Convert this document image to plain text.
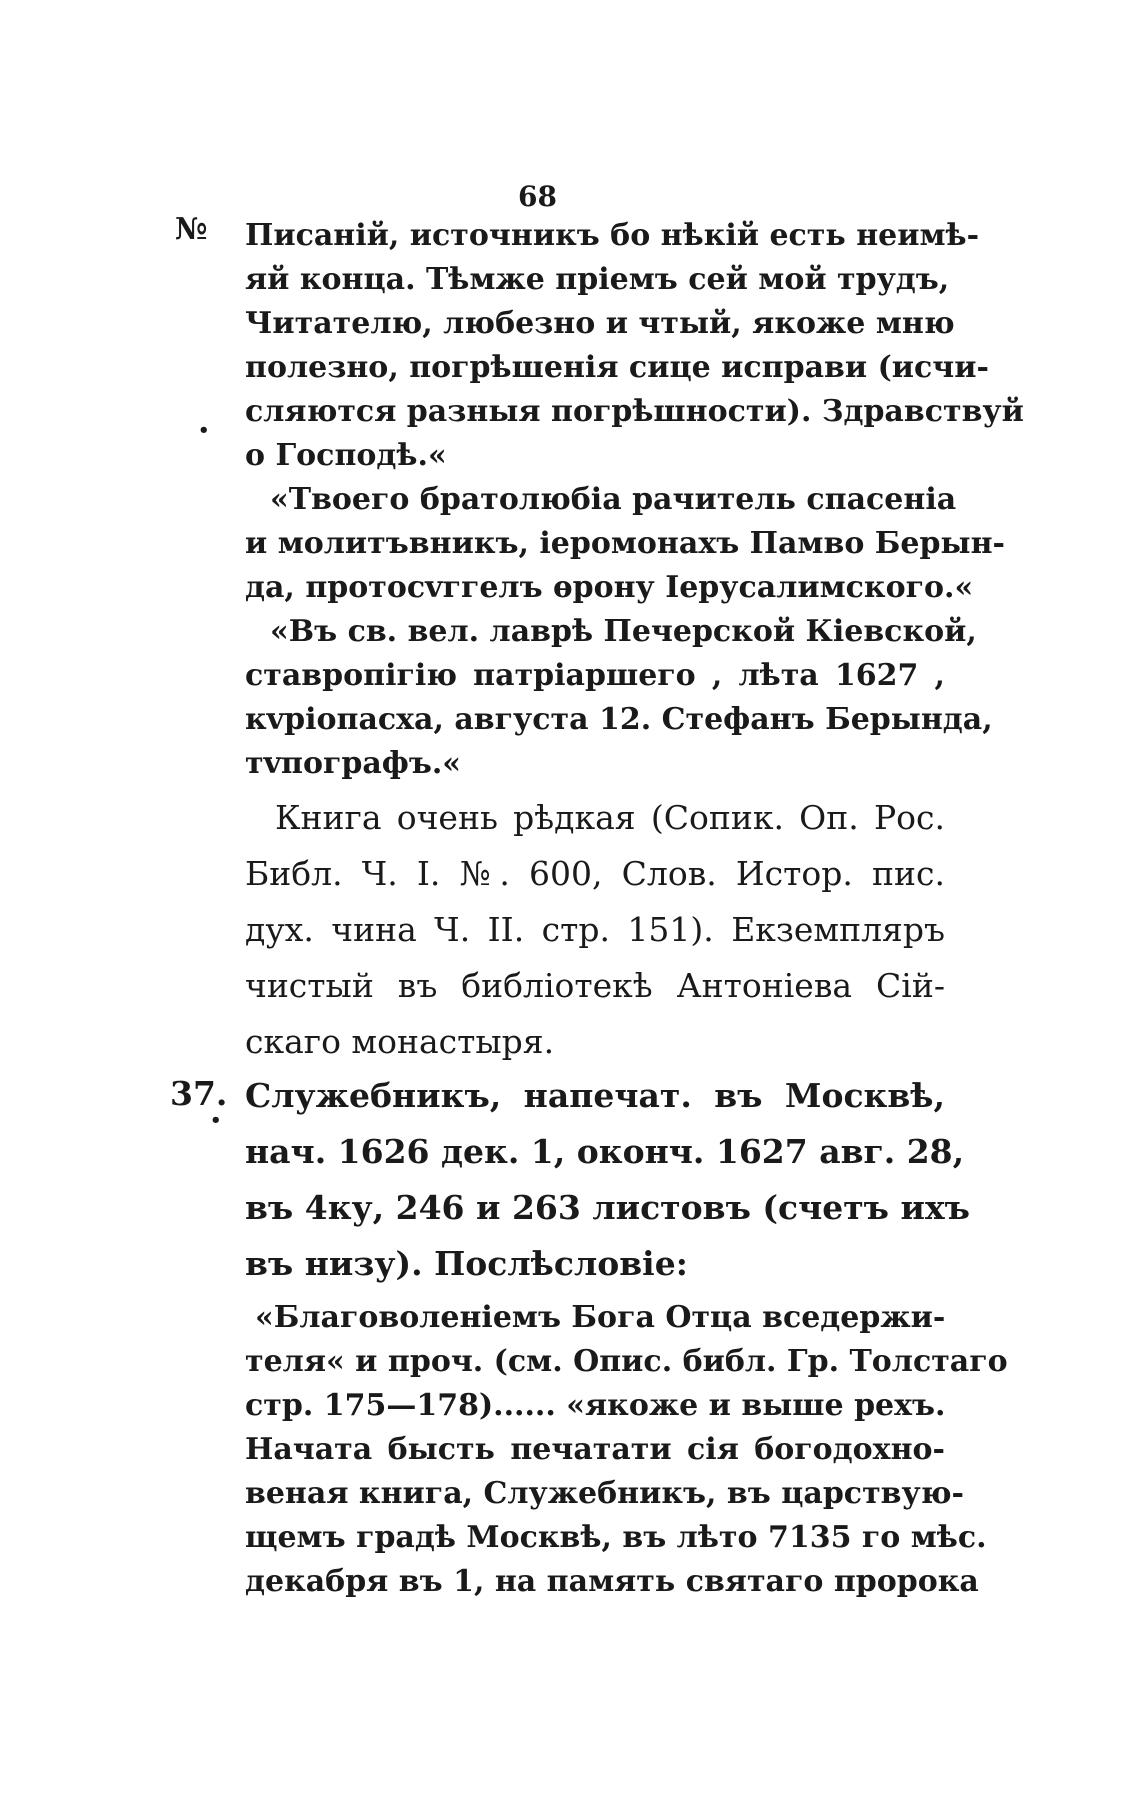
68
№ Писаній, источникъ бо нѣкій есть неимѣ-
яй конца. Тѣмже пріемъ сей мой трудъ,
Читателю, любезно и чтый, якоже мню
полезно, погрѣшенія сице исправи (исчи-
сляются разныя погрѣшности). Здравствуй
о Господѣ.«
«Твоего братолюбіа рачитель спасеніа
и молитъвникъ, іеромонахъ Памво Берын-
да, протосvггелъ ѳрону Іерусалимского.«
«Въ св. вел. лаврѣ Печерской Кіевской,
ставропігію патріаршего , лѣта 1627 ,
кvріопасха, августа 12. Стефанъ Берында,
тvпографъ.«
Книга очень рѣдкая (Сопик. Оп. Рос.
Библ. Ч. І. №. 600, Слов. Истор. пис.
дух. чина Ч. II. стр. 151). Екземпляръ
чистый въ библіотекѣ Антоніева Сій-
скаго монастыря.
37. Служебникъ, напечат. въ Москвѣ,
нач. 1626 дек. 1, оконч. 1627 авг. 28,
въ 4ку, 246 и 263 листовъ (счетъ ихъ
въ низу). Послѣсловіе:
«Благоволеніемъ Бога Отца вседержи-
теля« и проч. (см. Опис. библ. Гр. Толстаго
стр. 175—178)...... «якоже и выше рехъ.
Начата бысть печатати сія богодохно-
веная книга, Служебникъ, въ царствую-
щемъ градѣ Москвѣ, въ лѣто 7135 го мѣс.
декабря въ 1, на память святаго пророка
•
•
